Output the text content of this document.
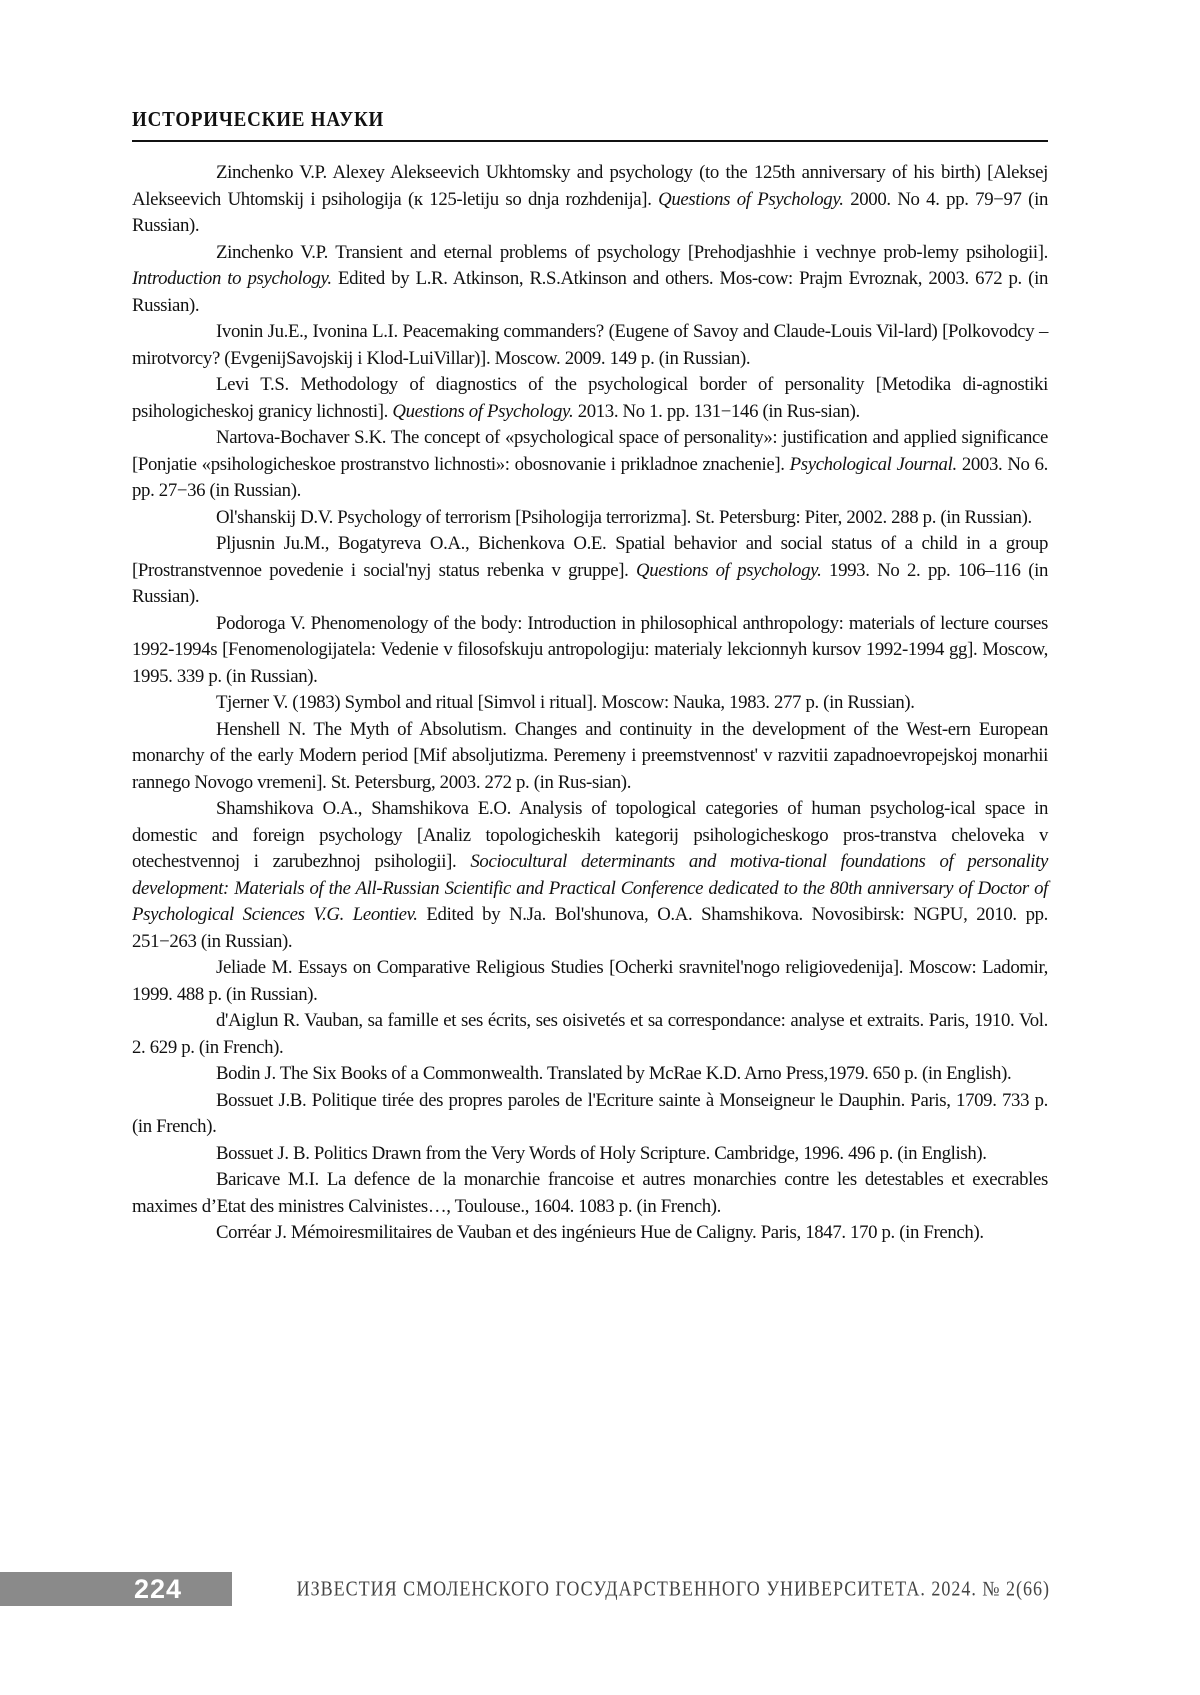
ИСТОРИЧЕСКИЕ НАУКИ

Zinchenko V.P. Alexey Alekseevich Ukhtomsky and psychology (to the 125th anniversary of his birth) [Aleksej Alekseevich Uhtomskij i psihologija (к 125-letiju so dnja rozhdenija]. Questions of Psychology. 2000. No 4. pp. 79−97 (in Russian).

Zinchenko V.P. Transient and eternal problems of psychology [Prehodjashhie i vechnye prob-lemy psihologii]. Introduction to psychology. Edited by L.R. Atkinson, R.S.Atkinson and others. Mos-cow: Prajm Evroznak, 2003. 672 p. (in Russian).

Ivonin Ju.E., Ivonina L.I. Peacemaking commanders? (Eugene of Savoy and Claude-Louis Vil-lard) [Polkovodcy – mirotvorcy? (EvgenijSavojskij i Klod-LuiVillar)]. Moscow. 2009. 149 p. (in Russian).

Levi T.S. Methodology of diagnostics of the psychological border of personality [Metodika di-agnostiki psihologicheskoj granicy lichnosti]. Questions of Psychology. 2013. No 1. pp. 131−146 (in Rus-sian).

Nartova-Bochaver S.K. The concept of «psychological space of personality»: justification and applied significance [Ponjatie «psihologicheskoe prostranstvo lichnosti»: obosnovanie i prikladnoe znachenie]. Psychological Journal. 2003. No 6. pp. 27−36 (in Russian).

Ol'shanskij D.V. Psychology of terrorism [Psihologija terrorizma]. St. Petersburg: Piter, 2002. 288 p. (in Russian).

Pljusnin Ju.M., Bogatyreva O.A., Bichenkova O.E. Spatial behavior and social status of a child in a group [Prostranstvennoe povedenie i social'nyj status rebenka v gruppe]. Questions of psychology. 1993. No 2. pp. 106–116 (in Russian).

Podoroga V. Phenomenology of the body: Introduction in philosophical anthropology: materials of lecture courses 1992-1994s [Fenomenologijatela: Vedenie v filosofskuju antropologiju: materialy lekcionnyh kursov 1992-1994 gg]. Moscow, 1995. 339 p. (in Russian).

Tjerner V. (1983) Symbol and ritual [Simvol i ritual]. Moscow: Nauka, 1983. 277 p. (in Russian).

Henshell N. The Myth of Absolutism. Changes and continuity in the development of the West-ern European monarchy of the early Modern period [Mif absoljutizma. Peremeny i preemstvennost' v razvitii zapadnoevropejskoj monarhii rannego Novogo vremeni]. St. Petersburg, 2003. 272 p. (in Rus-sian).

Shamshikova O.A., Shamshikova E.O. Analysis of topological categories of human psycholog-ical space in domestic and foreign psychology [Analiz topologicheskih kategorij psihologicheskogo pros-transtva cheloveka v otechestvennoj i zarubezhnoj psihologii]. Sociocultural determinants and motiva-tional foundations of personality development: Materials of the All-Russian Scientific and Practical Conference dedicated to the 80th anniversary of Doctor of Psychological Sciences V.G. Leontiev. Edited by N.Ja. Bol'shunova, O.A. Shamshikova. Novosibirsk: NGPU, 2010. pp. 251−263 (in Russian).

Jeliade M. Essays on Comparative Religious Studies [Ocherki sravnitel'nogo religiovedenija]. Moscow: Ladomir, 1999. 488 p. (in Russian).

d'Aiglun R. Vauban, sa famille et ses écrits, ses oisivetés et sa correspondance: analyse et extraits. Paris, 1910. Vol. 2. 629 p. (in French).

Bodin J. The Six Books of a Commonwealth. Translated by McRae K.D. Arno Press,1979. 650 p. (in English).

Bossuet J.B. Politique tirée des propres paroles de l'Ecriture sainte à Monseigneur le Dauphin. Paris, 1709. 733 p. (in French).

Bossuet J. B. Politics Drawn from the Very Words of Holy Scripture. Cambridge, 1996. 496 p. (in English).

Baricave M.I. La defence de la monarchie francoise et autres monarchies contre les detestables et execrables maximes d’Etat des ministres Calvinistes…, Toulouse., 1604. 1083 p. (in French).

Corréar J. Mémoiresmilitaires de Vauban et des ingénieurs Hue de Caligny. Paris, 1847. 170 p. (in French).

224	ИЗВЕСТИЯ СМОЛЕНСКОГО ГОСУДАРСТВЕННОГО УНИВЕРСИТЕТА. 2024. № 2(66)
